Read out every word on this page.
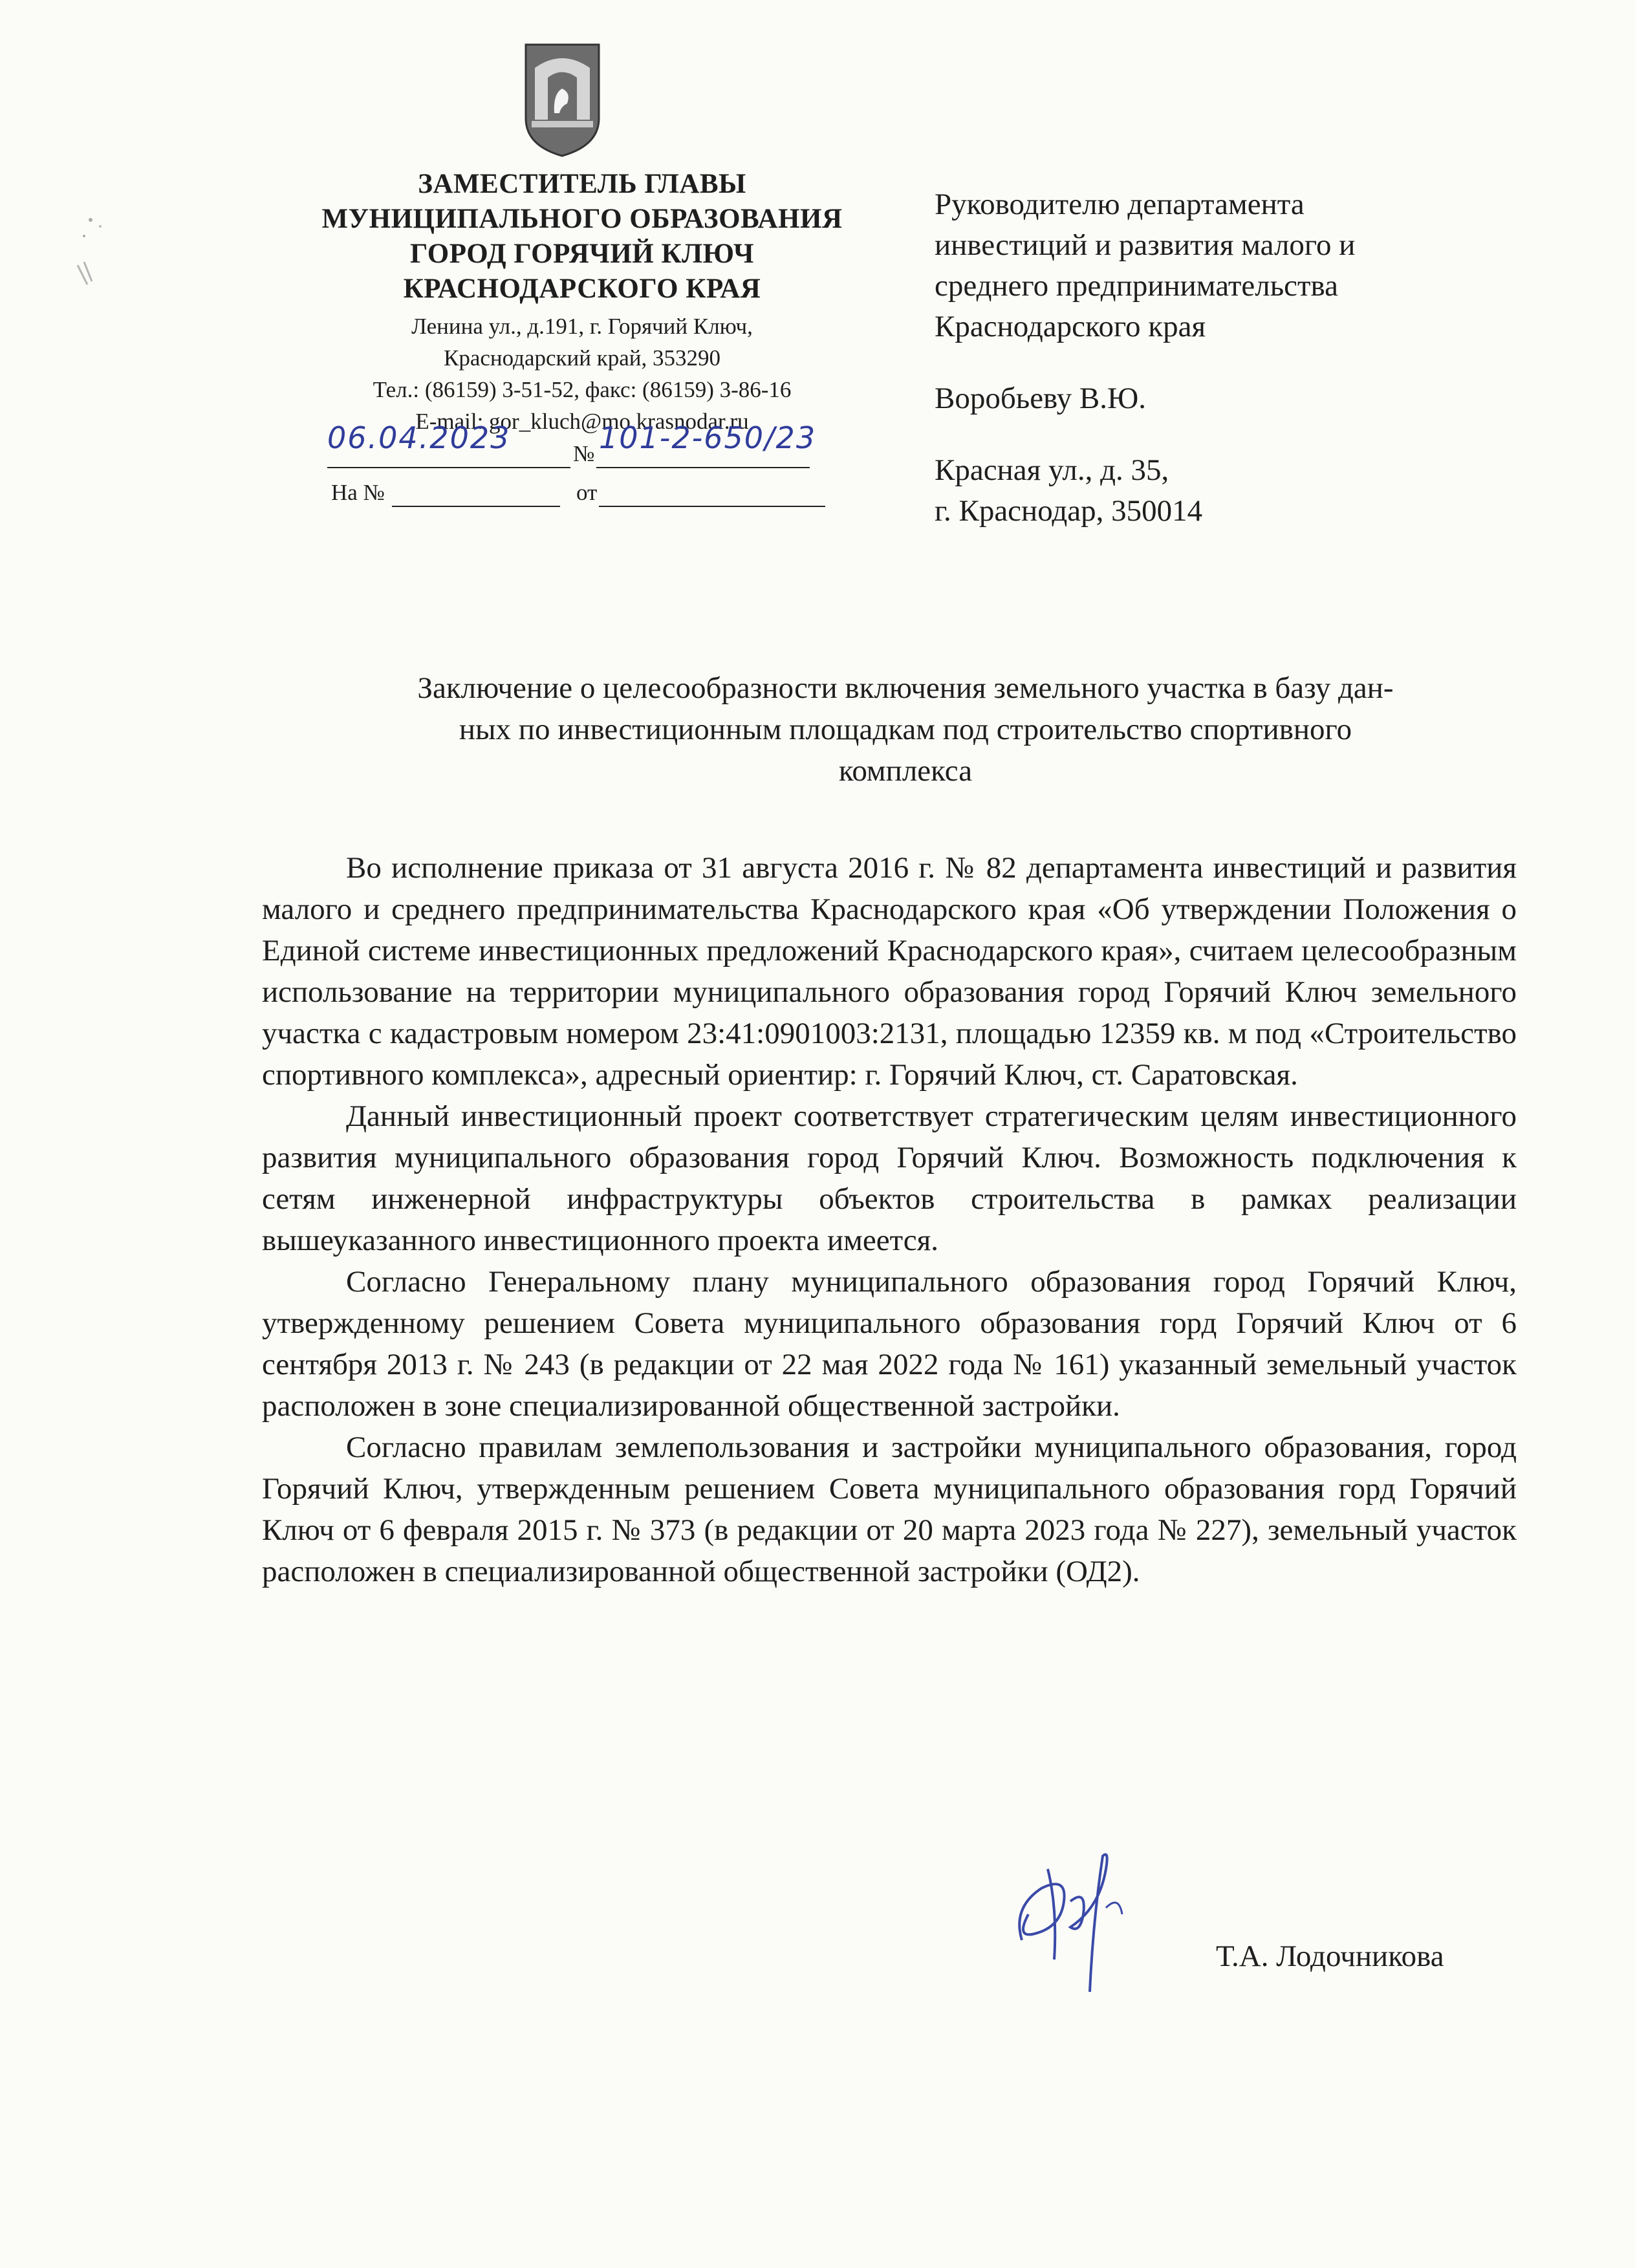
ЗАМЕСТИТЕЛЬ ГЛАВЫ
МУНИЦИПАЛЬНОГО ОБРАЗОВАНИЯ
ГОРОД ГОРЯЧИЙ КЛЮЧ
КРАСНОДАРСКОГО КРАЯ
Ленина ул., д.191, г. Горячий Ключ,
Краснодарский край, 353290
Тел.: (86159) 3-51-52, факс: (86159) 3-86-16
E-mail: gor_kluch@mo.krasnodar.ru
06.04.2023	№ 101-2-650/23
На №	от
Руководителю департамента
инвестиций и развития малого и
среднего предпринимательства
Краснодарского края
Воробьеву В.Ю.
Красная ул., д. 35,
г. Краснодар, 350014
Заключение о целесообразности включения земельного участка в базу дан-
ных по инвестиционным площадкам под строительство спортивного
комплекса

Во исполнение приказа от 31 августа 2016 г. № 82 департамента инвестиций и развития малого и среднего предпринимательства Краснодарского края «Об утверждении Положения о Единой системе инвестиционных предложений Краснодарского края», считаем целесообразным использование на территории муниципального образования город Горячий Ключ земельного участка с кадастровым номером 23:41:0901003:2131, площадью 12359 кв. м под «Строительство спортивного комплекса», адресный ориентир: г. Горячий Ключ, ст. Саратовская.

Данный инвестиционный проект соответствует стратегическим целям инвестиционного развития муниципального образования город Горячий Ключ. Возможность подключения к сетям инженерной инфраструктуры объектов строительства в рамках реализации вышеуказанного инвестиционного проекта имеется.

Согласно Генеральному плану муниципального образования город Горячий Ключ, утвержденному решением Совета муниципального образования горд Горячий Ключ от 6 сентября 2013 г. № 243 (в редакции от 22 мая 2022 года № 161) указанный земельный участок расположен в зоне специализированной общественной застройки.

Согласно правилам землепользования и застройки муниципального образования, город Горячий Ключ, утвержденным решением Совета муниципального образования горд Горячий Ключ от 6 февраля 2015 г. № 373 (в редакции от 20 марта 2023 года № 227), земельный участок расположен в специализированной общественной застройки (ОД2).

Т.А. Лодочникова
